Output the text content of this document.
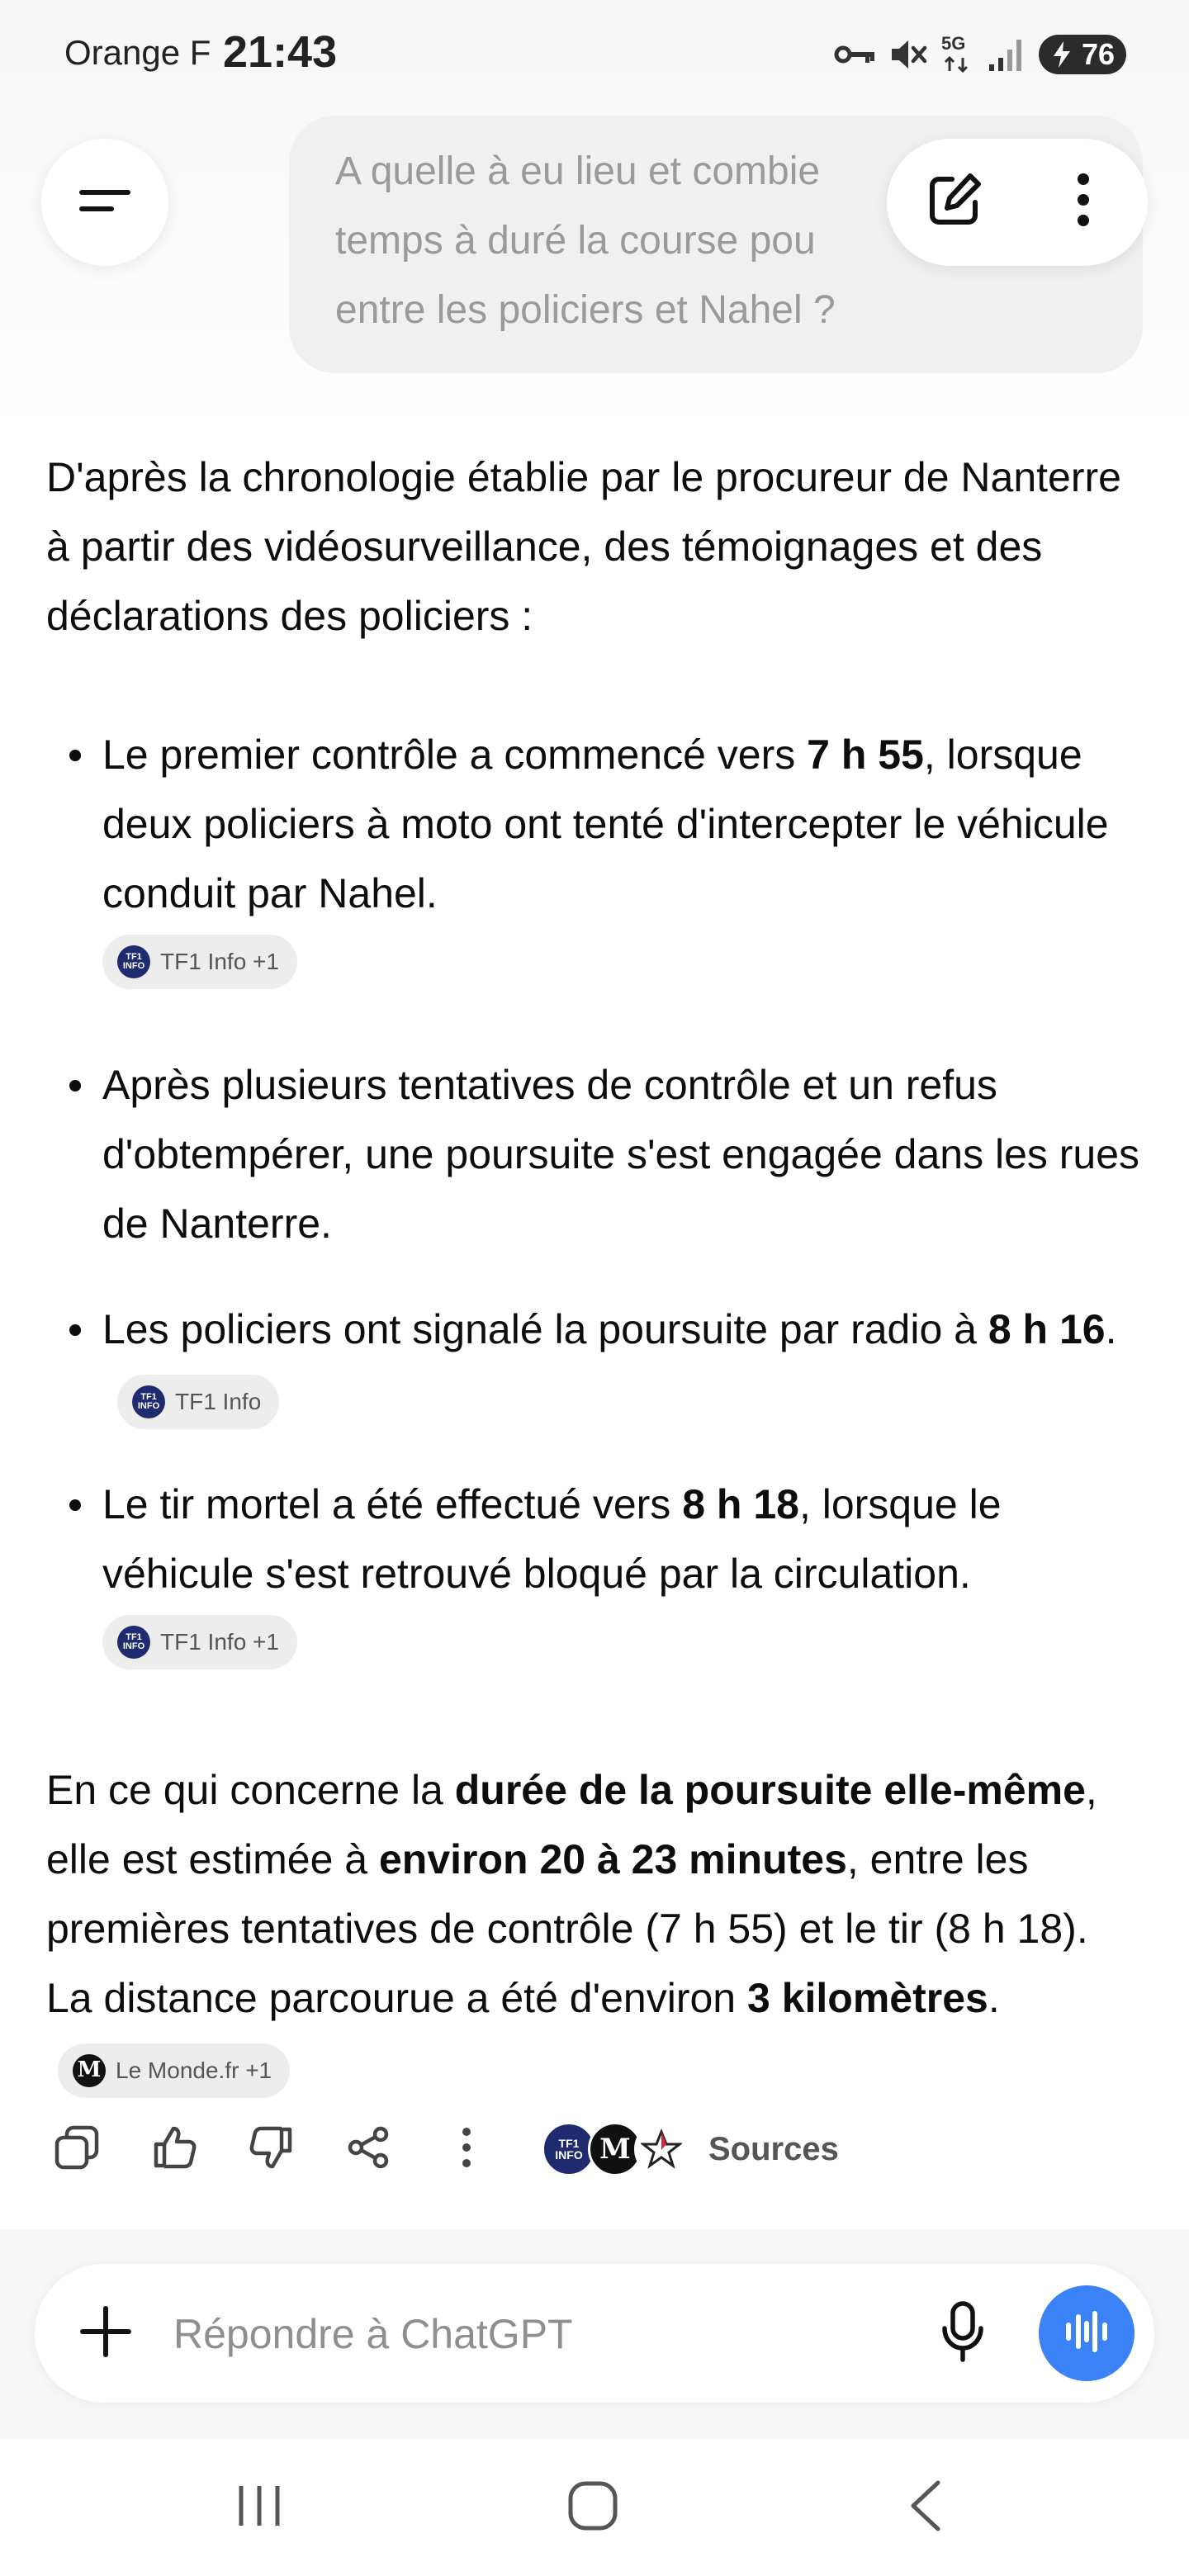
Orange F 21:43	5G	76
A quelle à eu lieu et combie
temps à duré la course pou
entre les policiers et Nahel ?

D'après la chronologie établie par le procureur de Nanterre à partir des vidéosurveillance, des témoignages et des déclarations des policiers :

Le premier contrôle a commencé vers 7 h 55, lorsque deux policiers à moto ont tenté d'intercepter le véhicule conduit par Nahel.
TF1 INFO TF1 Info +1
Après plusieurs tentatives de contrôle et un refus d'obtempérer, une poursuite s'est engagée dans les rues de Nanterre.
Les policiers ont signalé la poursuite par radio à 8 h 16.
TF1 INFO TF1 Info
Le tir mortel a été effectué vers 8 h 18, lorsque le véhicule s'est retrouvé bloqué par la circulation.
TF1 INFO TF1 Info +1

En ce qui concerne la durée de la poursuite elle-même, elle est estimée à environ 20 à 23 minutes, entre les premières tentatives de contrôle (7 h 55) et le tir (8 h 18). La distance parcourue a été d'environ 3 kilomètres.
M Le Monde.fr +1

TF1 INFO M Sources
Répondre à ChatGPT
